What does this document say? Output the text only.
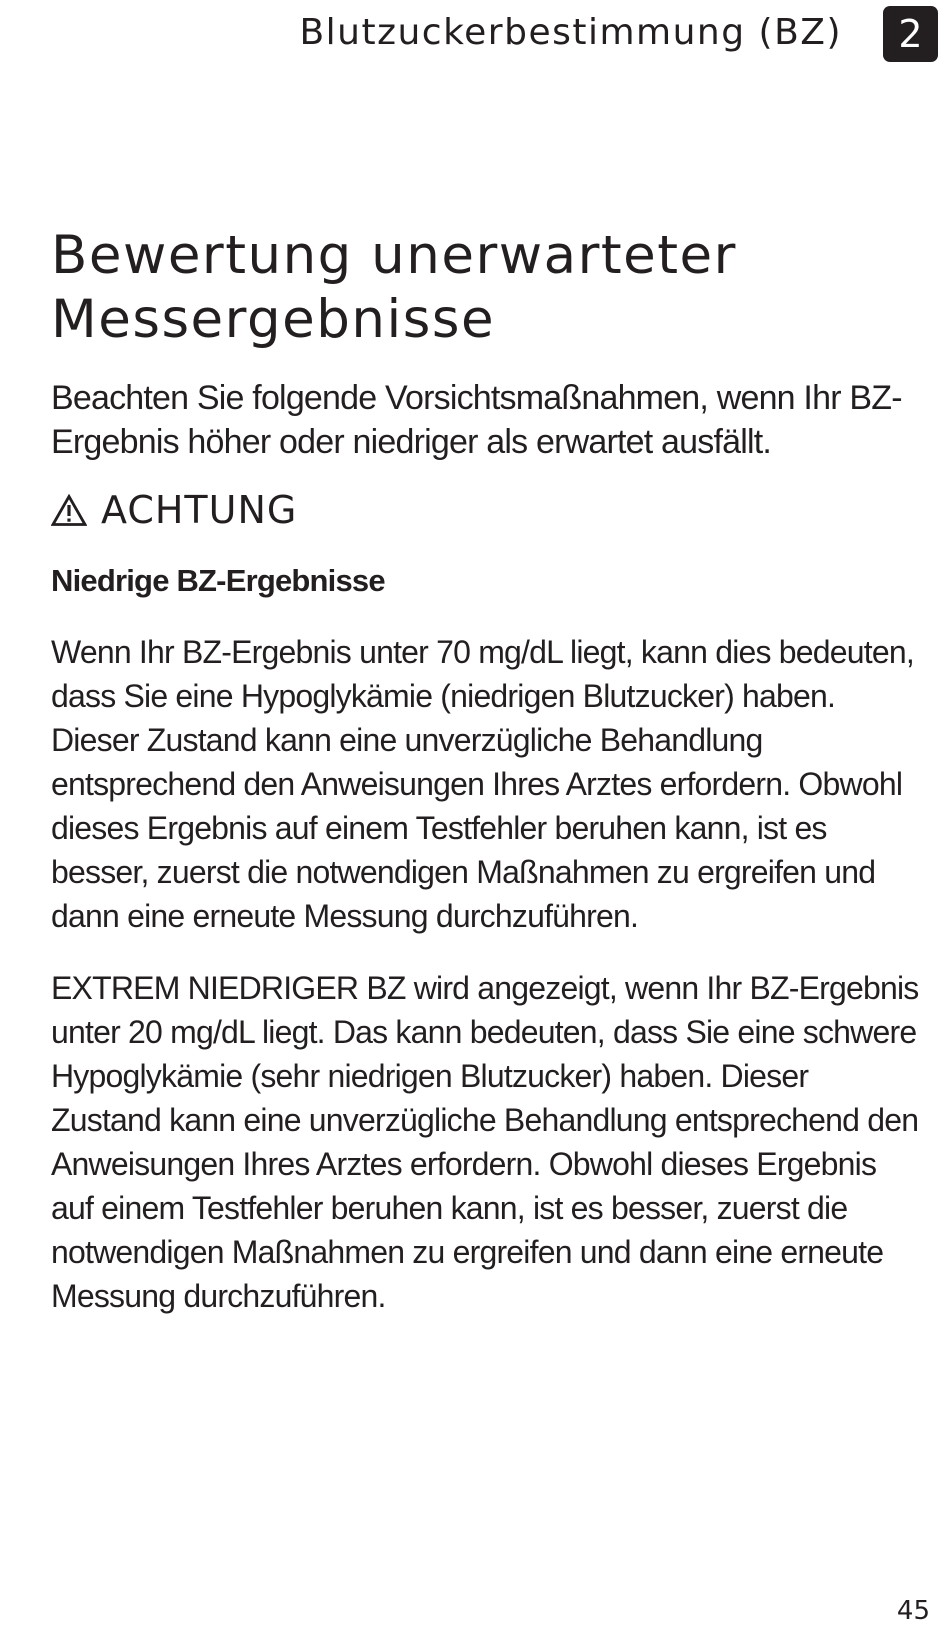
Blutzuckerbestimmung (BZ)	2
Bewertung unerwarteter Messergebnisse

Beachten Sie folgende Vorsichtsmaßnahmen, wenn Ihr BZ-Ergebnis höher oder niedriger als erwartet ausfällt.

ACHTUNG
Niedrige BZ-Ergebnisse

Wenn Ihr BZ-Ergebnis unter 70 mg/dL liegt, kann dies bedeuten, dass Sie eine Hypoglykämie (niedrigen Blutzucker) haben. Dieser Zustand kann eine unverzügliche Behandlung entsprechend den Anweisungen Ihres Arztes erfordern. Obwohl dieses Ergebnis auf einem Testfehler beruhen kann, ist es besser, zuerst die notwendigen Maßnahmen zu ergreifen und dann eine erneute Messung durchzuführen.

EXTREM NIEDRIGER BZ wird angezeigt, wenn Ihr BZ-Ergebnis unter 20 mg/dL liegt. Das kann bedeuten, dass Sie eine schwere Hypoglykämie (sehr niedrigen Blutzucker) haben. Dieser Zustand kann eine unverzügliche Behandlung entsprechend den Anweisungen Ihres Arztes erfordern. Obwohl dieses Ergebnis auf einem Testfehler beruhen kann, ist es besser, zuerst die notwendigen Maßnahmen zu ergreifen und dann eine erneute Messung durchzuführen.

45
